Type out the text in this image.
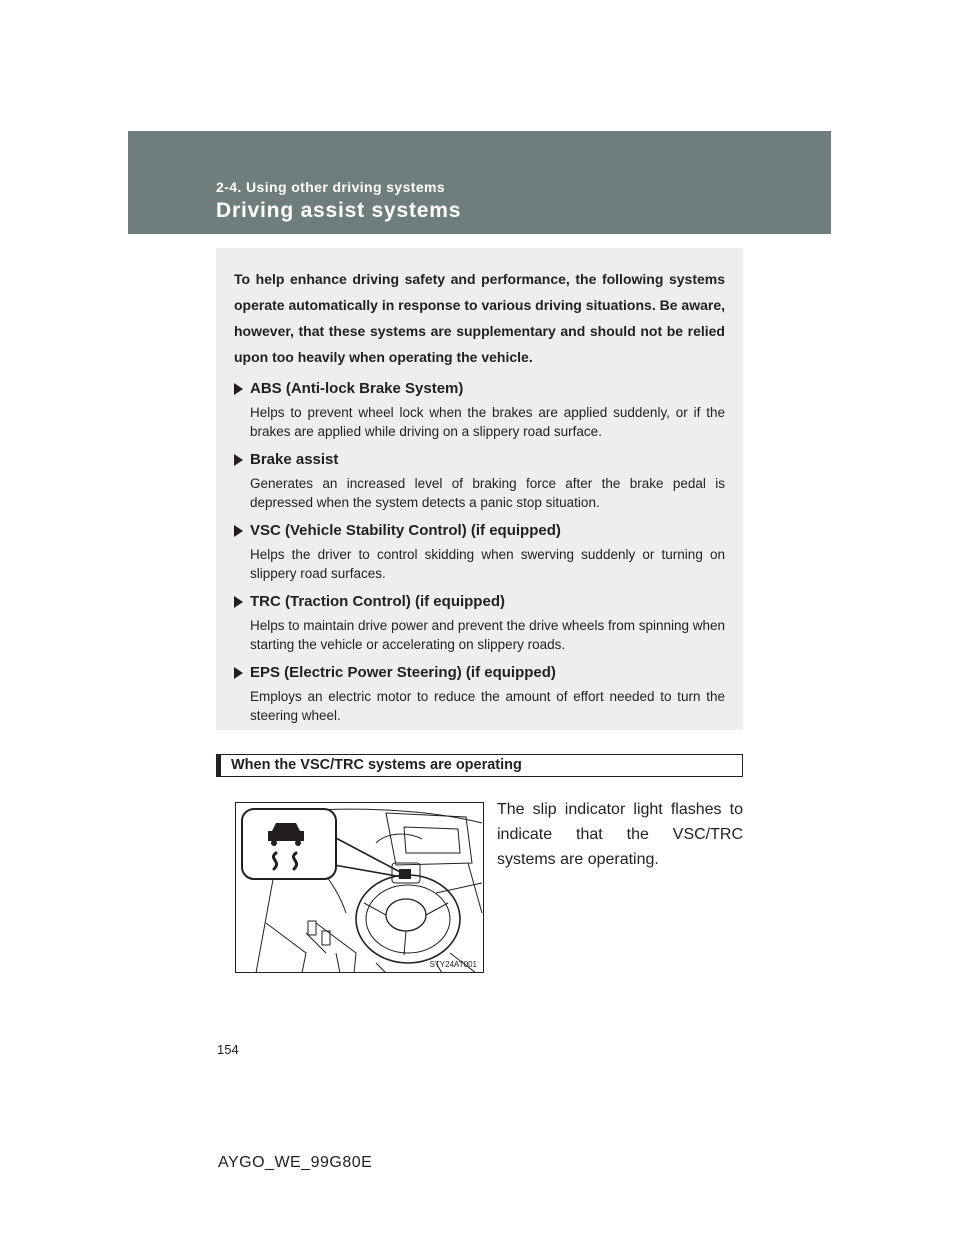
2-4. Using other driving systems
Driving assist systems

To help enhance driving safety and performance, the following systems operate automatically in response to various driving situations. Be aware, however, that these systems are supplementary and should not be relied upon too heavily when operating the vehicle.

ABS (Anti-lock Brake System)
Helps to prevent wheel lock when the brakes are applied suddenly, or if the brakes are applied while driving on a slippery road surface.
Brake assist
Generates an increased level of braking force after the brake pedal is depressed when the system detects a panic stop situation.
VSC (Vehicle Stability Control) (if equipped)
Helps the driver to control skidding when swerving suddenly or turning on slippery road surfaces.
TRC (Traction Control) (if equipped)
Helps to maintain drive power and prevent the drive wheels from spinning when starting the vehicle or accelerating on slippery roads.
EPS (Electric Power Steering) (if equipped)
Employs an electric motor to reduce the amount of effort needed to turn the steering wheel.
When the VSC/TRC systems are operating
STY24AT001
The slip indicator light flashes to indicate that the VSC/TRC systems are operating.
154
AYGO_WE_99G80E
